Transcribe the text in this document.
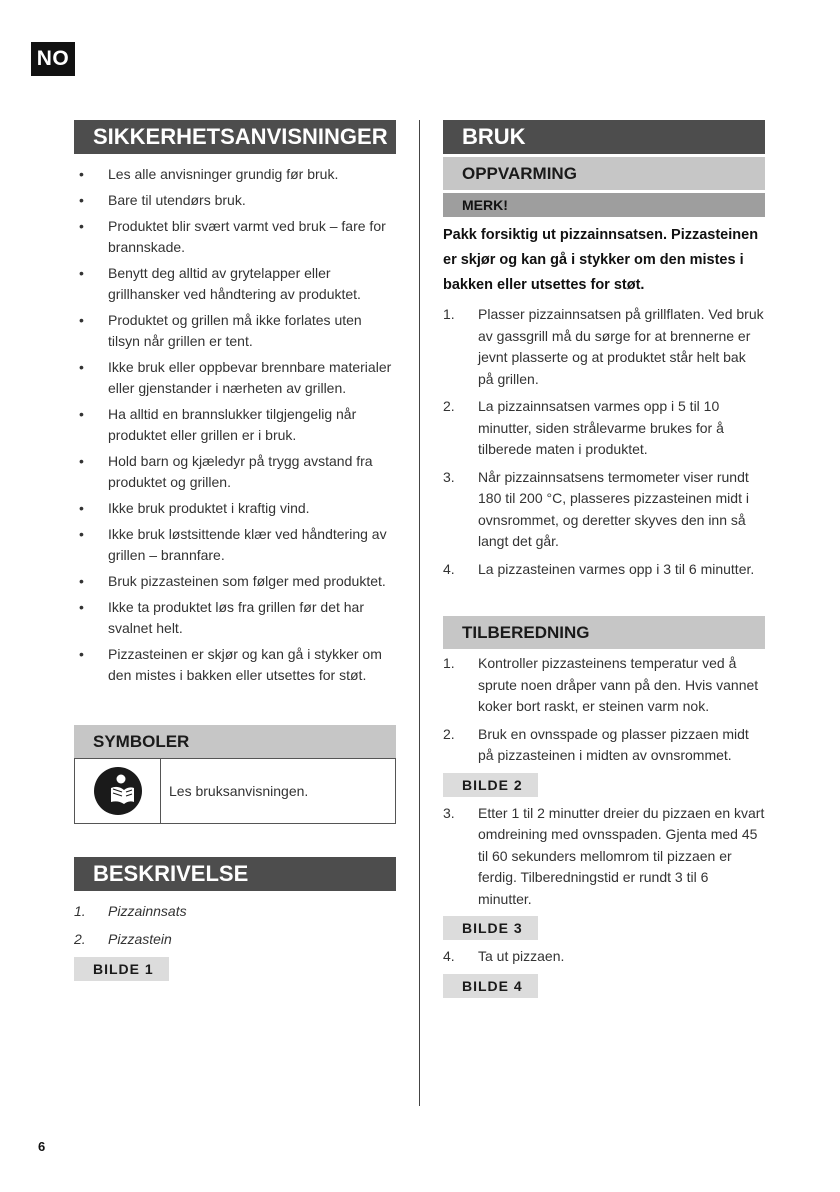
NO
SIKKERHETSANVISNINGER
• Les alle anvisninger grundig før bruk.
• Bare til utendørs bruk.
• Produktet blir svært varmt ved bruk – fare for brannskade.
• Benytt deg alltid av grytelapper eller grillhansker ved håndtering av produktet.
• Produktet og grillen må ikke forlates uten tilsyn når grillen er tent.
• Ikke bruk eller oppbevar brennbare materialer eller gjenstander i nærheten av grillen.
• Ha alltid en brannslukker tilgjengelig når produktet eller grillen er i bruk.
• Hold barn og kjæledyr på trygg avstand fra produktet og grillen.
• Ikke bruk produktet i kraftig vind.
• Ikke bruk løstsittende klær ved håndtering av grillen – brannfare.
• Bruk pizzasteinen som følger med produktet.
• Ikke ta produktet løs fra grillen før det har svalnet helt.
• Pizzasteinen er skjør og kan gå i stykker om den mistes i bakken eller utsettes for støt.
SYMBOLER
Les bruksanvisningen.
BESKRIVELSE
1. Pizzainnsats
2. Pizzastein
BILDE 1
BRUK
OPPVARMING
MERK!
Pakk forsiktig ut pizzainnsatsen. Pizzasteinen er skjør og kan gå i stykker om den mistes i bakken eller utsettes for støt.
1. Plasser pizzainnsatsen på grillflaten. Ved bruk av gassgrill må du sørge for at brennerne er jevnt plasserte og at produktet står helt bak på grillen.
2. La pizzainnsatsen varmes opp i 5 til 10 minutter, siden strålevarme brukes for å tilberede maten i produktet.
3. Når pizzainnsatsens termometer viser rundt 180 til 200 °C, plasseres pizzasteinen midt i ovnsrommet, og deretter skyves den inn så langt det går.
4. La pizzasteinen varmes opp i 3 til 6 minutter.
TILBEREDNING
1. Kontroller pizzasteinens temperatur ved å sprute noen dråper vann på den. Hvis vannet koker bort raskt, er steinen varm nok.
2. Bruk en ovnsspade og plasser pizzaen midt på pizzasteinen i midten av ovnsrommet.
BILDE 2
3. Etter 1 til 2 minutter dreier du pizzaen en kvart omdreining med ovnsspaden. Gjenta med 45 til 60 sekunders mellomrom til pizzaen er ferdig. Tilberedningstid er rundt 3 til 6 minutter.
BILDE 3
4. Ta ut pizzaen.
BILDE 4
6
